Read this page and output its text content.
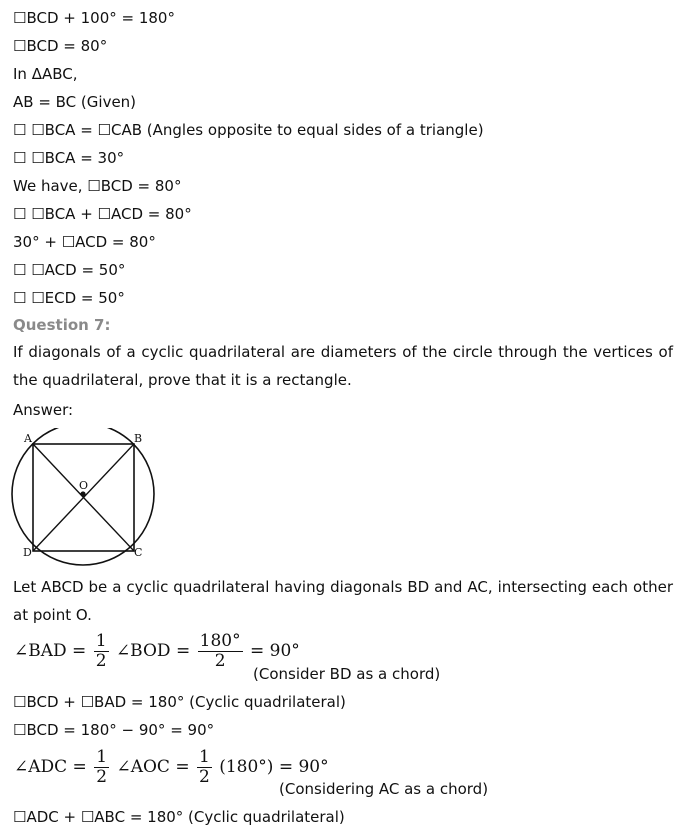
☐BCD + 100° = 180°
☐BCD = 80°
In ΔABC,
AB = BC (Given)
☐ ☐BCA = ☐CAB (Angles opposite to equal sides of a triangle)
☐ ☐BCA = 30°
We have, ☐BCD = 80°
☐ ☐BCA + ☐ACD = 80°
30° + ☐ACD = 80°
☐ ☐ACD = 50°
☐ ☐ECD = 50°
Question 7:
If diagonals of a cyclic quadrilateral are diameters of the circle through the vertices of the quadrilateral, prove that it is a rectangle.
Answer:
A	B
C
D
O
Let ABCD be a cyclic quadrilateral having diagonals BD and AC, intersecting each other at point O.
∠BAD = $\frac{1}{2}$ ∠BOD = $\frac{180^\circ}{2} = 90^\circ$
(Consider BD as a chord)
☐BCD + ☐BAD = 180° (Cyclic quadrilateral)
☐BCD = 180° − 90° = 90°
∠ADC = $\frac{1}{2}$ ∠AOC = $\frac{1}{2} (180^\circ) = 90^\circ$
(Considering AC as a chord)
☐ADC + ☐ABC = 180° (Cyclic quadrilateral)
